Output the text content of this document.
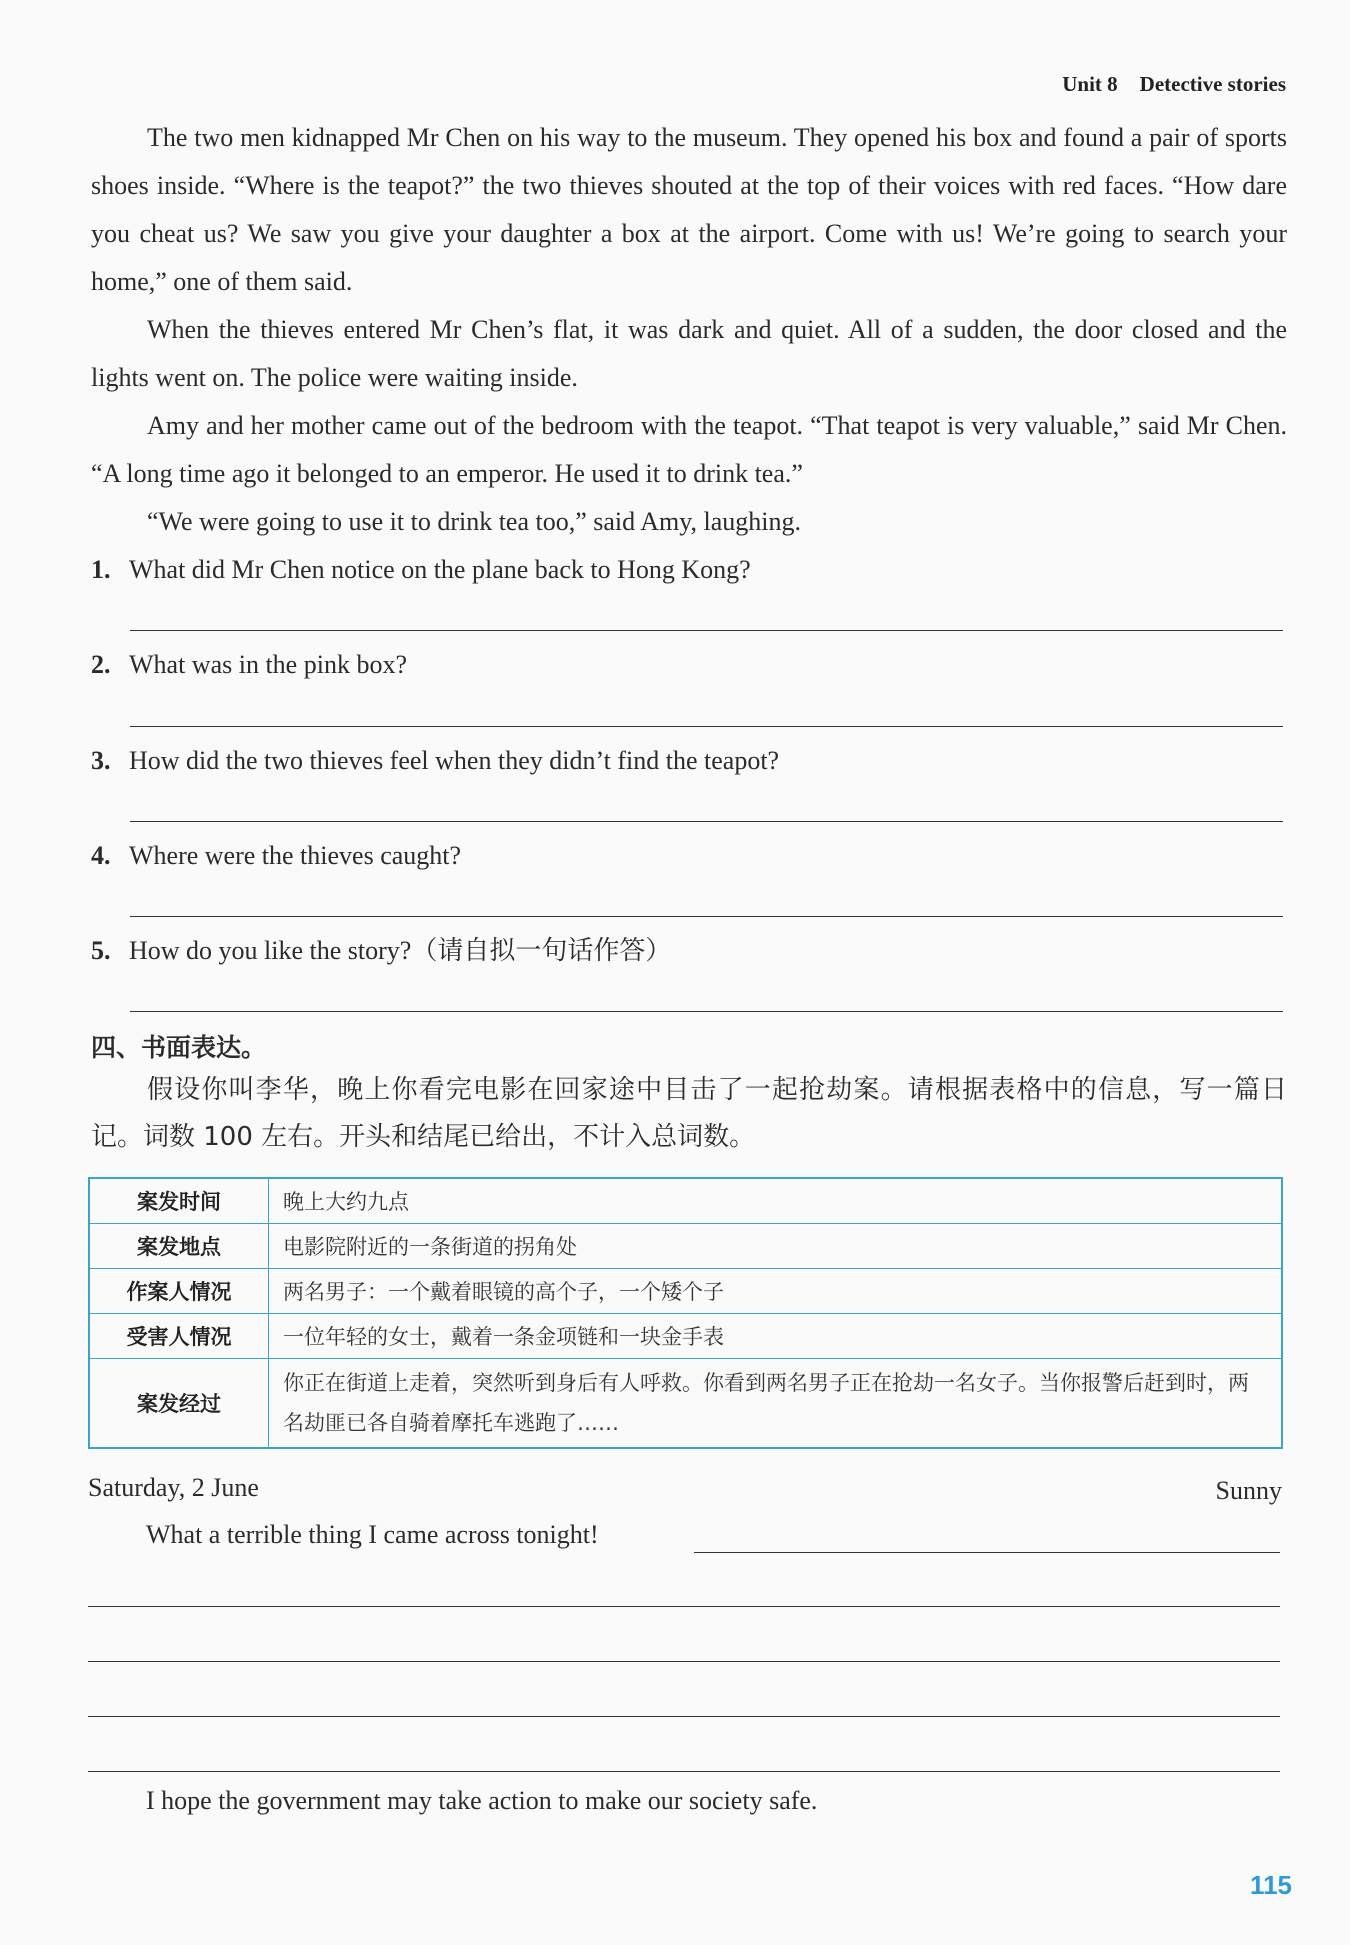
Unit 8 Detective stories
The two men kidnapped Mr Chen on his way to the museum. They opened his box and found a pair of sports shoes inside. “Where is the teapot?” the two thieves shouted at the top of their voices with red faces. “How dare you cheat us? We saw you give your daughter a box at the airport. Come with us! We’re going to search your home,” one of them said.
When the thieves entered Mr Chen’s flat, it was dark and quiet. All of a sudden, the door closed and the lights went on. The police were waiting inside.
Amy and her mother came out of the bedroom with the teapot. “That teapot is very valuable,” said Mr Chen. “A long time ago it belonged to an emperor. He used it to drink tea.”
“We were going to use it to drink tea too,” said Amy, laughing.
1. What did Mr Chen notice on the plane back to Hong Kong?
2. What was in the pink box?
3. How did the two thieves feel when they didn’t find the teapot?
4. Where were the thieves caught?
5. How do you like the story?（请自拟一句话作答）
四、书面表达。
假设你叫李华，晚上你看完电影在回家途中目击了一起抢劫案。请根据表格中的信息，写一篇日记。词数 100 左右。开头和结尾已给出，不计入总词数。
案发时间	晚上大约九点
案发地点	电影院附近的一条街道的拐角处
作案人情况	两名男子：一个戴着眼镜的高个子，一个矮个子
受害人情况	一位年轻的女士，戴着一条金项链和一块金手表
案发经过	你正在街道上走着，突然听到身后有人呼救。你看到两名男子正在抢劫一名女子。当你报警后赶到时，两名劫匪已各自骑着摩托车逃跑了……
Saturday, 2 June	Sunny
What a terrible thing I came across tonight!
I hope the government may take action to make our society safe.
115
